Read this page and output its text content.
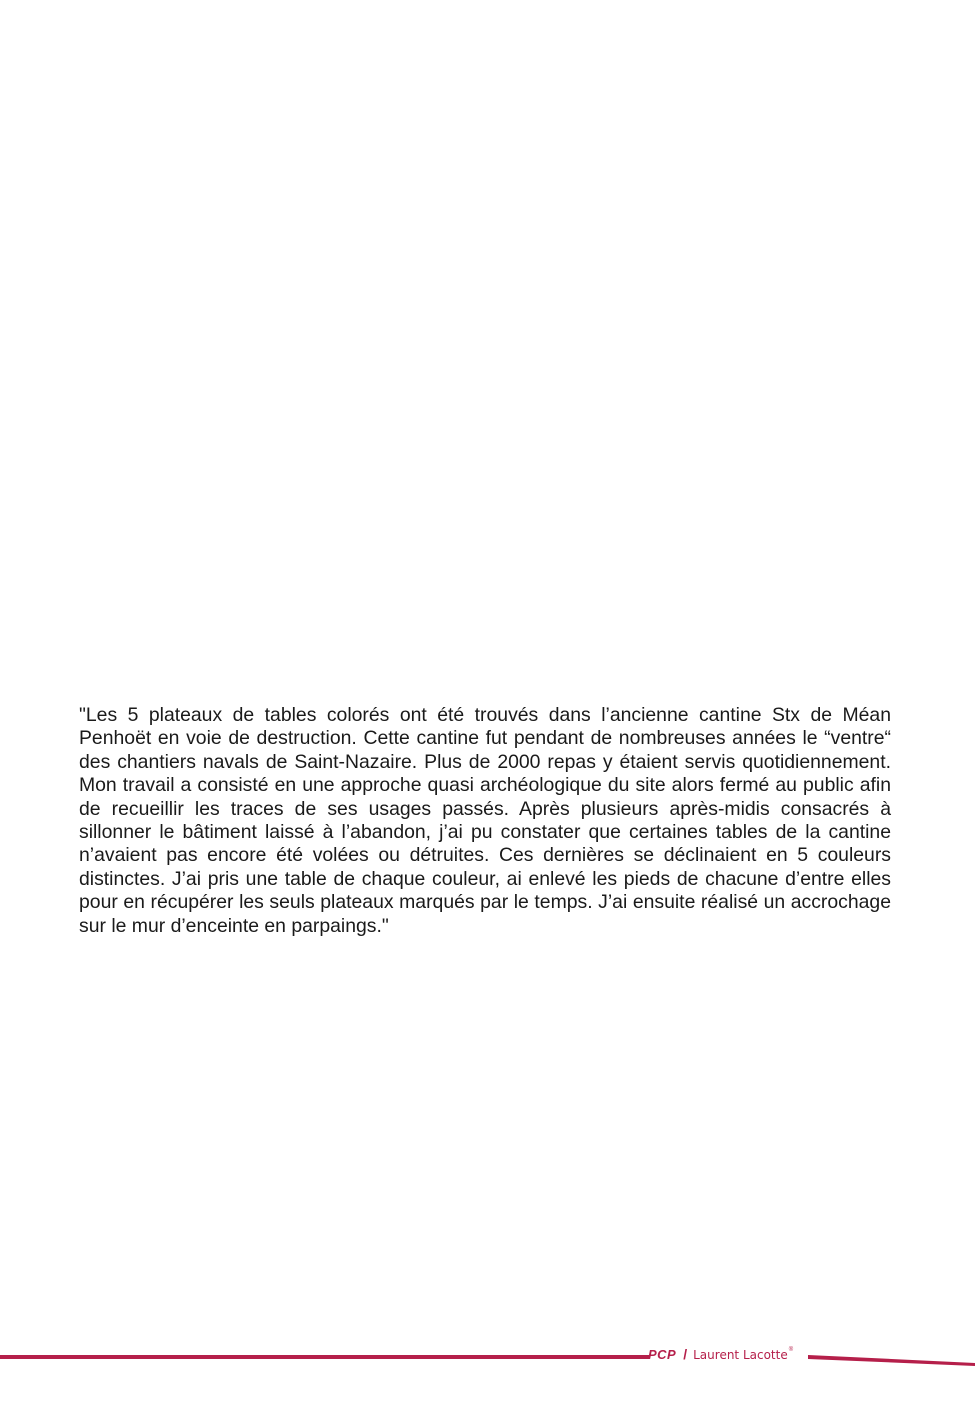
"Les 5 plateaux de tables colorés ont été trouvés dans l’ancienne cantine Stx de Méan Penhoët en voie de destruction. Cette cantine fut pendant de nombreuses années le “ventre“ des chantiers navals de Saint-Nazaire. Plus de 2000 repas y étaient servis quotidiennement. Mon travail a consisté en une approche quasi archéologique du site alors fermé au public afin de recueillir les traces de ses usages passés. Après plusieurs après-midis consacrés à sillonner le bâtiment laissé à l’abandon, j’ai pu constater que certaines tables de la cantine n’avaient pas encore été volées ou détruites. Ces dernières se déclinaient en 5 couleurs distinctes. J’ai pris une table de chaque couleur, ai enlevé les pieds de chacune d’entre elles pour en récupérer les seuls plateaux marqués par le temps. J’ai ensuite réalisé un accrochage sur le mur d’enceinte en parpaings."

PCP / Laurent Lacotte ®
